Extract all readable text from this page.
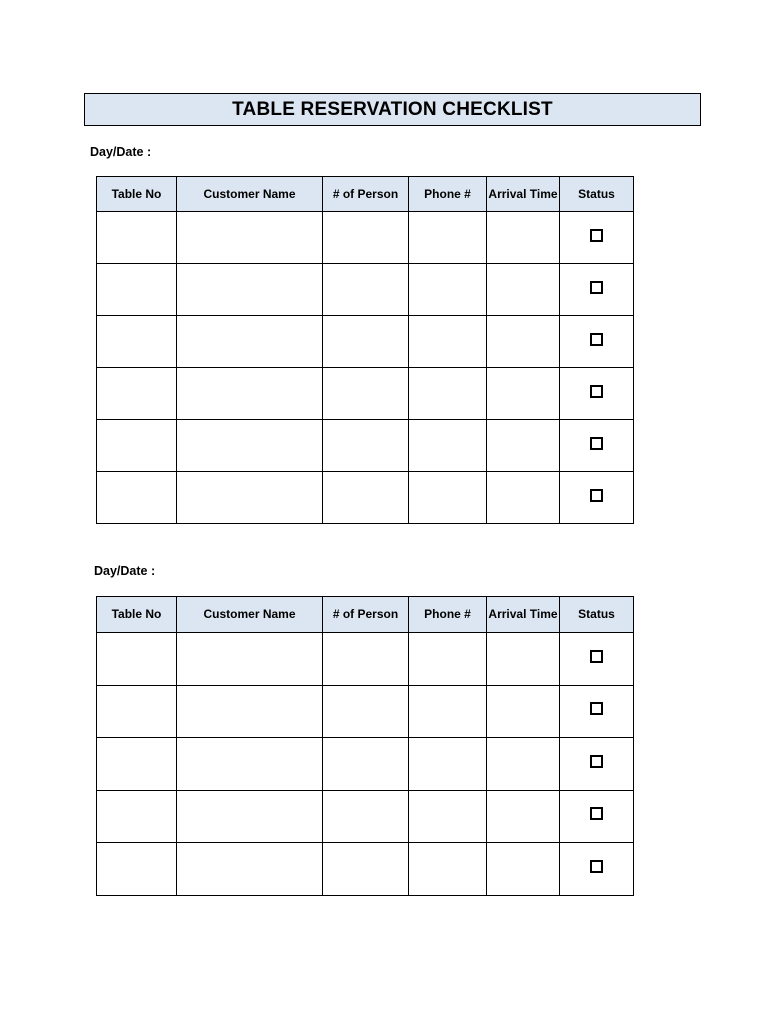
TABLE RESERVATION CHECKLIST
Day/Date :
Table No	Customer Name	# of Person	Phone #	Arrival Time	Status

Day/Date :
Table No	Customer Name	# of Person	Phone #	Arrival Time	Status
